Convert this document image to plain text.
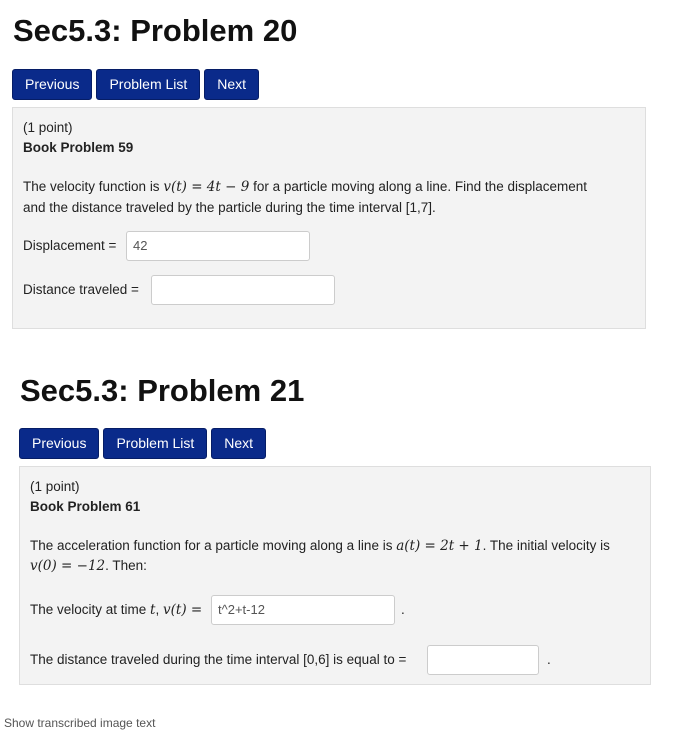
Sec5.3: Problem 20
Previous	Problem List	Next
(1 point)
Book Problem 59
The velocity function is v(t) = 4t − 9 for a particle moving along a line. Find the displacement
and the distance traveled by the particle during the time interval [1,7].
Displacement =	42
Distance traveled =
Sec5.3: Problem 21
Previous	Problem List	Next
(1 point)
Book Problem 61
The acceleration function for a particle moving along a line is a(t) = 2t + 1. The initial velocity is
v(0) = −12. Then:
The velocity at time t, v(t) =	t^2+t-12	.
The distance traveled during the time interval [0,6] is equal to =	.
Show transcribed image text
